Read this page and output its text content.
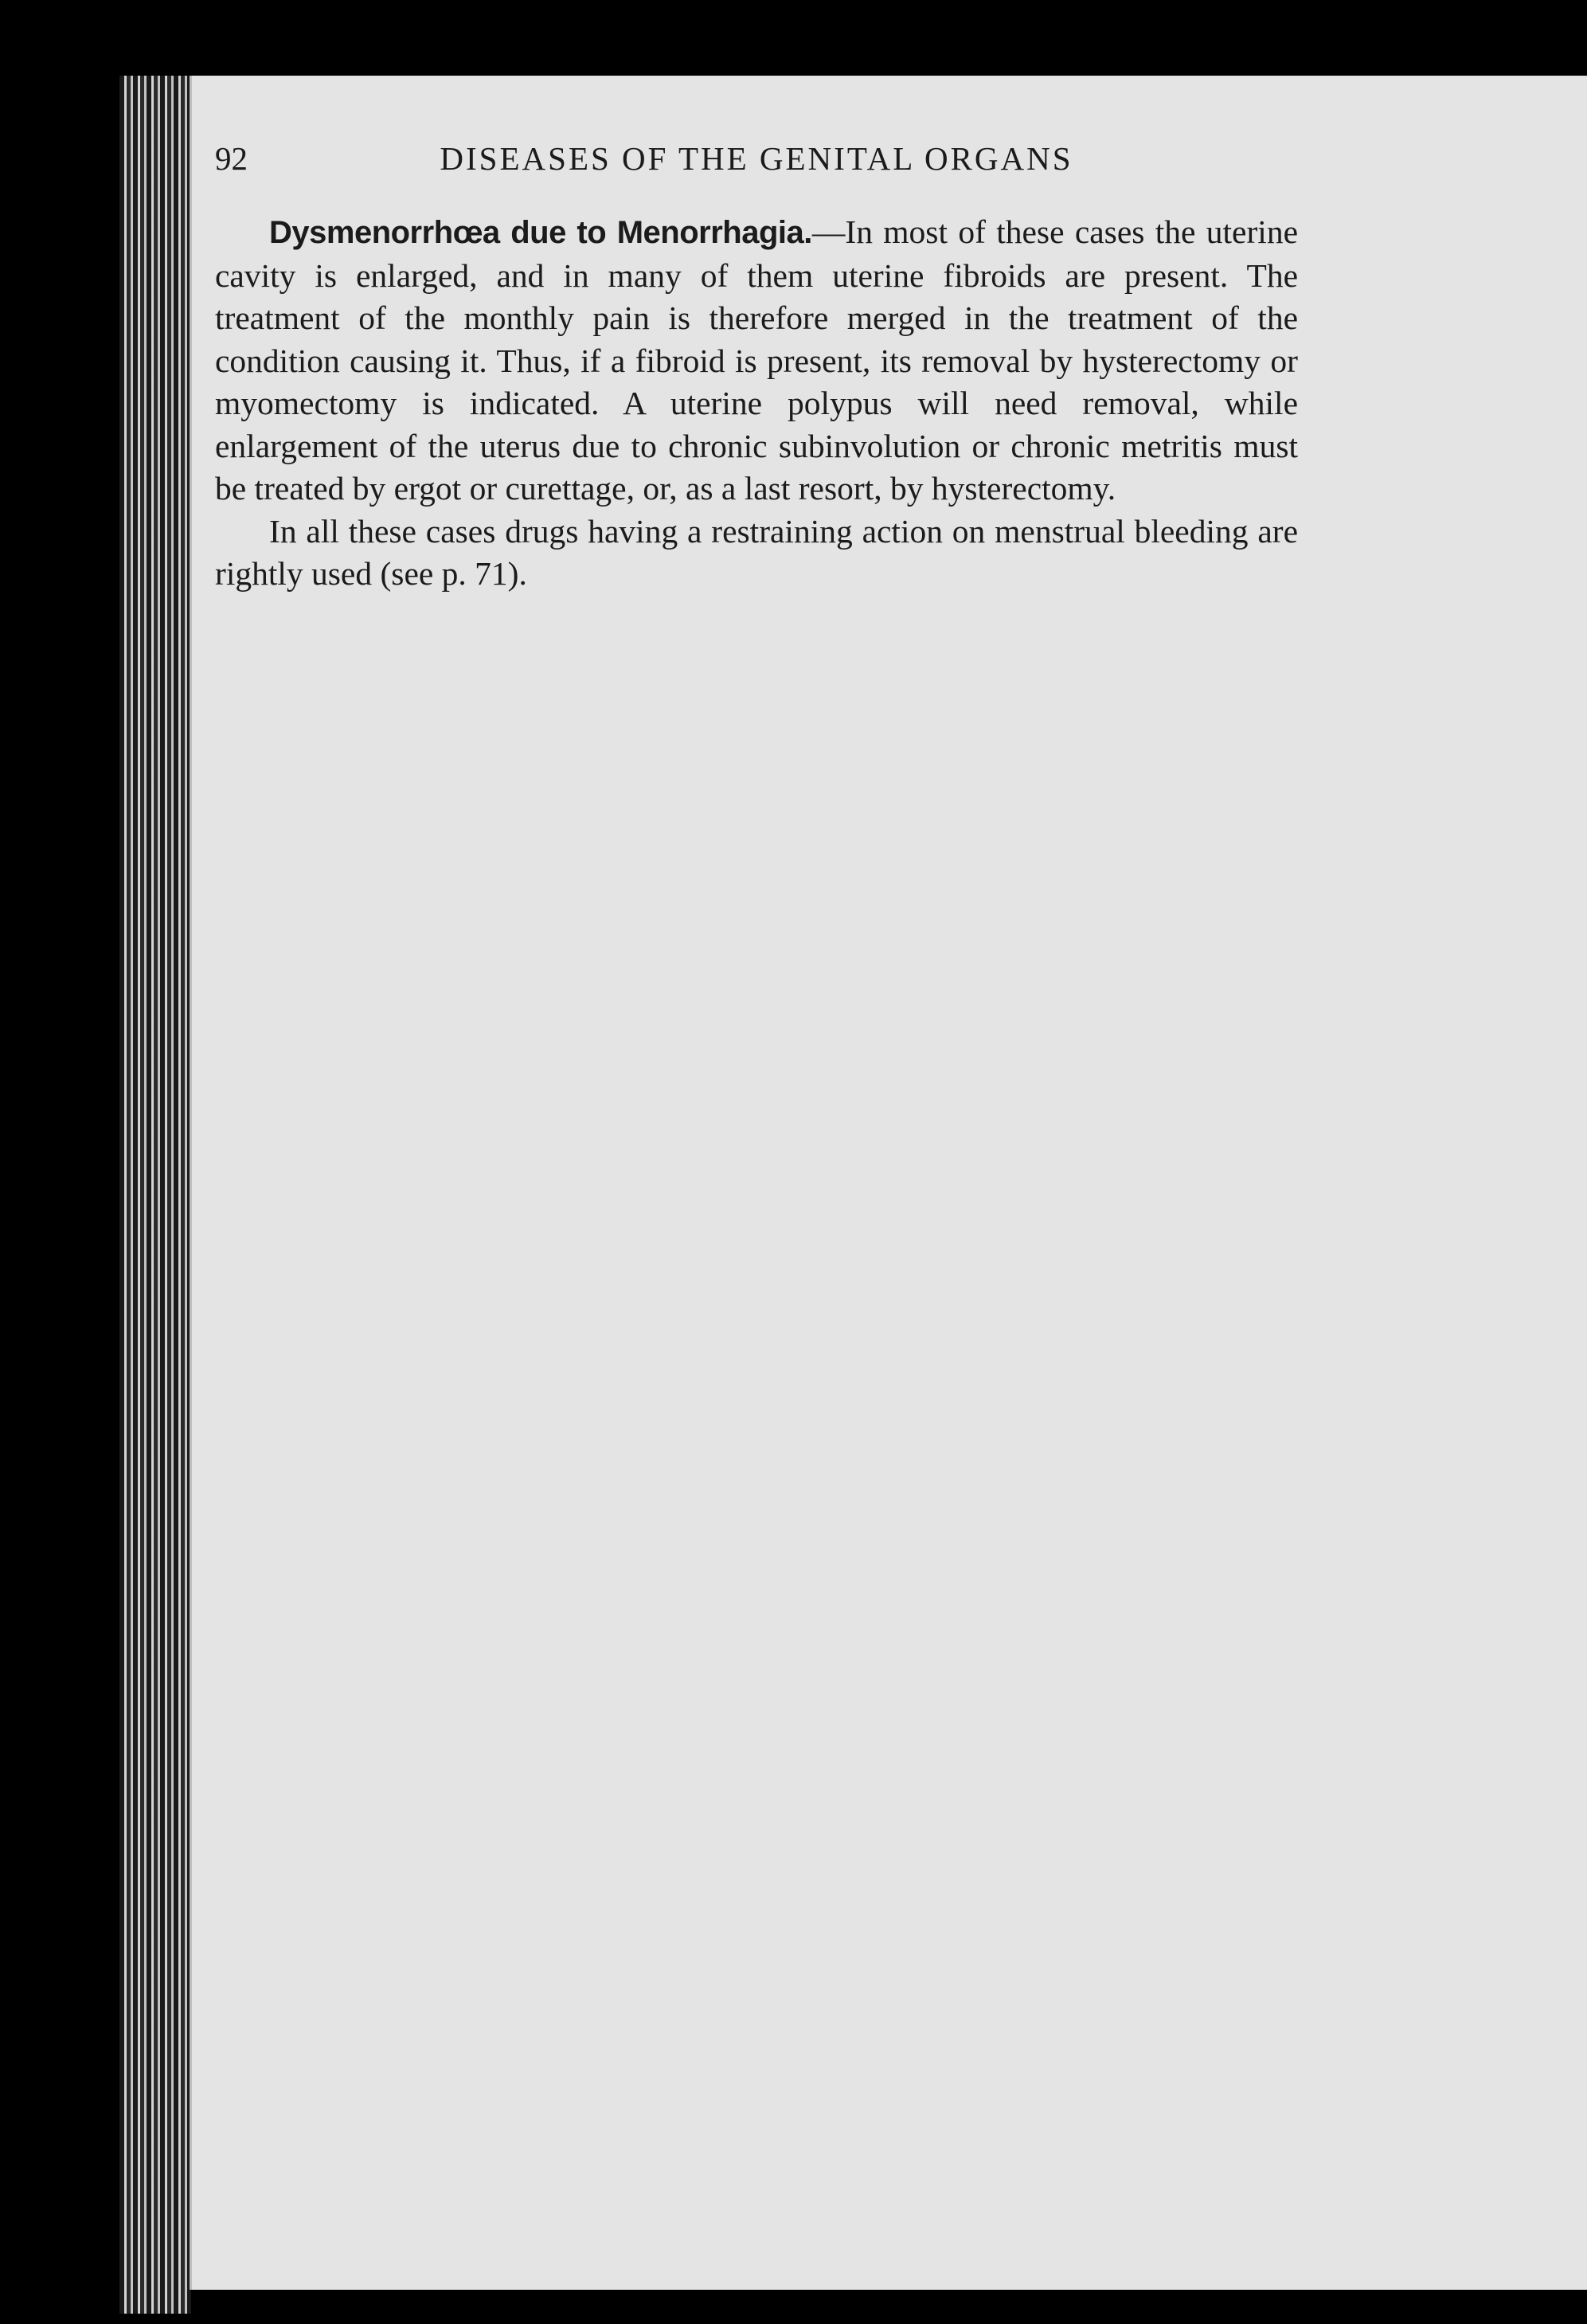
92	DISEASES OF THE GENITAL ORGANS

Dysmenorrhœa due to Menorrhagia.—In most of these cases the uterine cavity is enlarged, and in many of them uterine fibroids are present. The treatment of the monthly pain is therefore merged in the treatment of the condition causing it. Thus, if a fibroid is present, its removal by hysterectomy or myomectomy is indicated. A uterine polypus will need removal, while enlargement of the uterus due to chronic subinvolution or chronic metritis must be treated by ergot or curettage, or, as a last resort, by hysterectomy.

In all these cases drugs having a restraining action on menstrual bleeding are rightly used (see p. 71).
